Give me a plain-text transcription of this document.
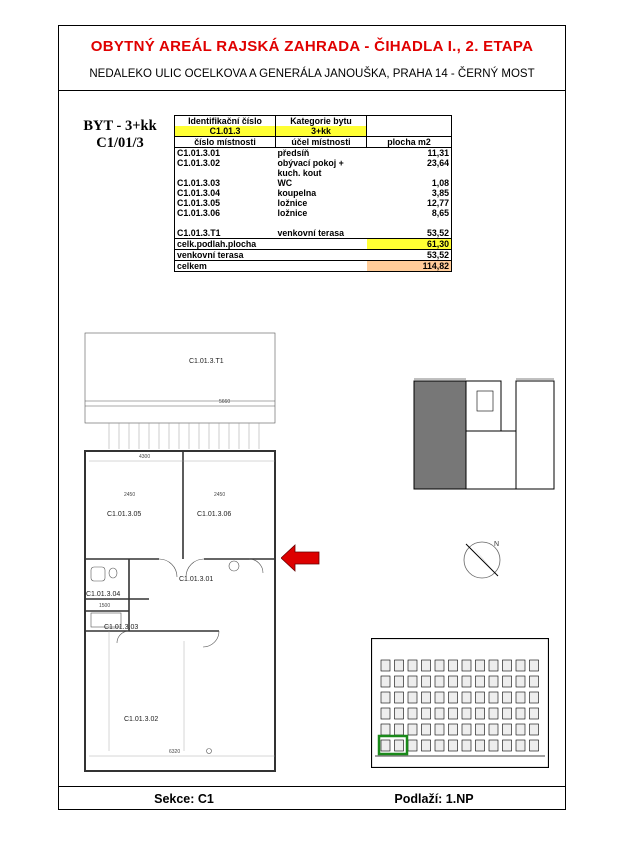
OBYTNÝ AREÁL RAJSKÁ ZAHRADA - ČIHADLA I., 2. ETAPA
NEDALEKO ULIC OCELKOVA A GENERÁLA JANOUŠKA, PRAHA 14 - ČERNÝ MOST
BYT - 3+kk
C1/01/3
Identifikační číslo	Kategorie bytu	
C1.01.3	3+kk	
číslo místnosti	účel místnosti	plocha m2
C1.01.3.01	předsíň	11,31
C1.01.3.02	obývací pokoj +	23,64
	kuch. kout	
C1.01.3.03	WC	1,08
C1.01.3.04	koupelna	3,85
C1.01.3.05	ložnice	12,77
C1.01.3.06	ložnice	8,65

C1.01.3.T1	venkovní terasa	53,52
celk.podlah.plocha		61,30
venkovní terasa		53,52
celkem		114,82
C1.01.3.T1
C1.01.3.05	C1.01.3.06
C1.01.3.01
C1.01.3.04
C1.01.3.03
C1.01.3.02
4300
2450	2450
1500
5660
6320
N
Sekce: C1	Podlaží: 1.NP
